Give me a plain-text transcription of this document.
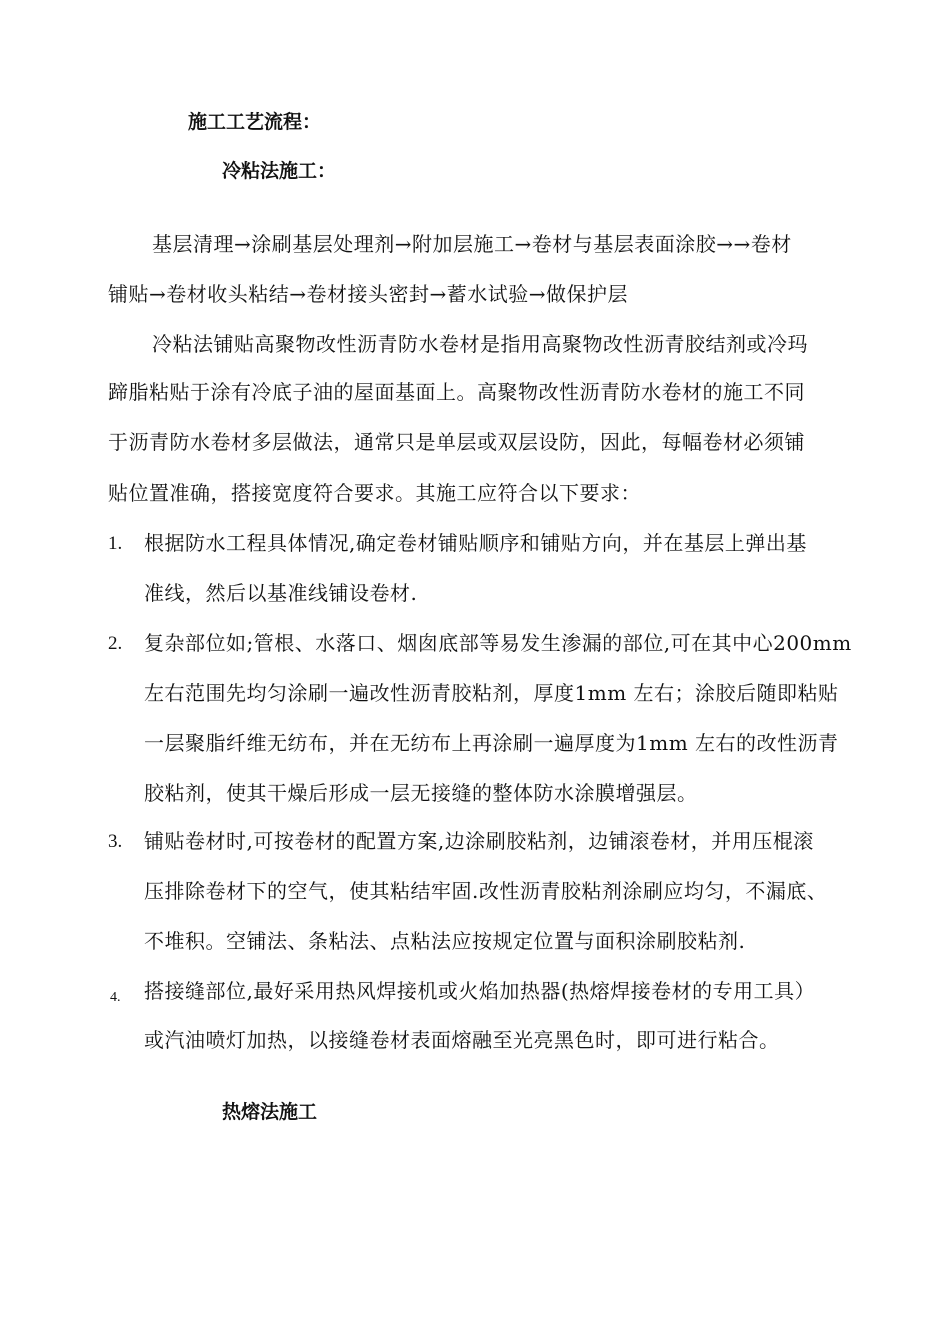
施工工艺流程：
冷粘法施工：
基层清理→涂刷基层处理剂→附加层施工→卷材与基层表面涂胶→→卷材
铺贴→卷材收头粘结→卷材接头密封→蓄水试验→做保护层
冷粘法铺贴高聚物改性沥青防水卷材是指用高聚物改性沥青胶结剂或冷玛
蹄脂粘贴于涂有冷底子油的屋面基面上。高聚物改性沥青防水卷材的施工不同
于沥青防水卷材多层做法，通常只是单层或双层设防，因此，每幅卷材必须铺
贴位置准确，搭接宽度符合要求。其施工应符合以下要求：
1. 根据防水工程具体情况,确定卷材铺贴顺序和铺贴方向，并在基层上弹出基
准线，然后以基准线铺设卷材.
2. 复杂部位如;管根、水落口、烟囱底部等易发生渗漏的部位,可在其中心200mm
左右范围先均匀涂刷一遍改性沥青胶粘剂，厚度1mm 左右；涂胶后随即粘贴
一层聚脂纤维无纺布，并在无纺布上再涂刷一遍厚度为1mm 左右的改性沥青
胶粘剂，使其干燥后形成一层无接缝的整体防水涂膜增强层。
3. 铺贴卷材时,可按卷材的配置方案,边涂刷胶粘剂，边铺滚卷材，并用压棍滚
压排除卷材下的空气，使其粘结牢固.改性沥青胶粘剂涂刷应均匀，不漏底、
不堆积。空铺法、条粘法、点粘法应按规定位置与面积涂刷胶粘剂.
4. 搭接缝部位,最好采用热风焊接机或火焰加热器(热熔焊接卷材的专用工具）
或汽油喷灯加热，以接缝卷材表面熔融至光亮黑色时，即可进行粘合。
热熔法施工
